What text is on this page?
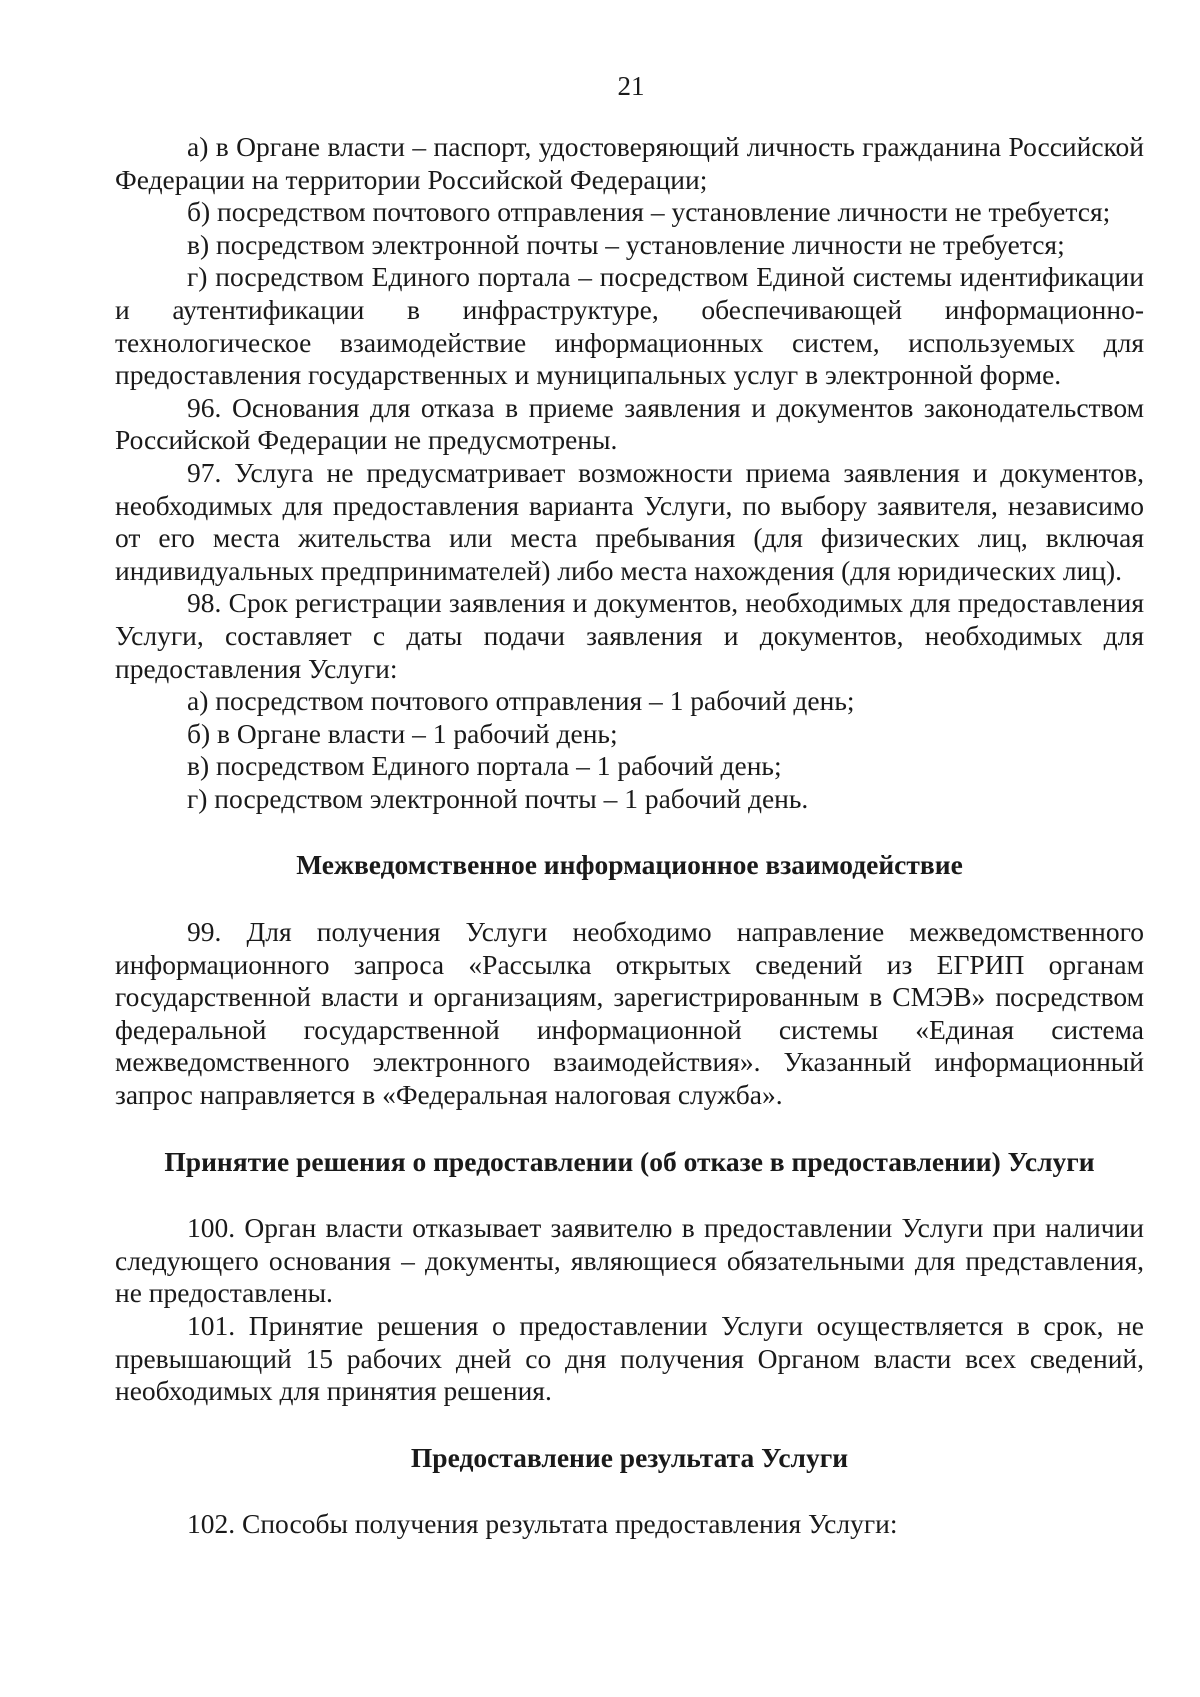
21

а) в Органе власти – паспорт, удостоверяющий личность гражданина Российской Федерации на территории Российской Федерации;

б) посредством почтового отправления – установление личности не требуется;

в) посредством электронной почты – установление личности не требуется;

г) посредством Единого портала – посредством Единой системы идентификации и аутентификации в инфраструктуре, обеспечивающей информационно-технологическое взаимодействие информационных систем, используемых для предоставления государственных и муниципальных услуг в электронной форме.

96. Основания для отказа в приеме заявления и документов законодательством Российской Федерации не предусмотрены.

97. Услуга не предусматривает возможности приема заявления и документов, необходимых для предоставления варианта Услуги, по выбору заявителя, независимо от его места жительства или места пребывания (для физических лиц, включая индивидуальных предпринимателей) либо места нахождения (для юридических лиц).

98. Срок регистрации заявления и документов, необходимых для предоставления Услуги, составляет с даты подачи заявления и документов, необходимых для предоставления Услуги:

а) посредством почтового отправления – 1 рабочий день;

б) в Органе власти – 1 рабочий день;

в) посредством Единого портала – 1 рабочий день;

г) посредством электронной почты – 1 рабочий день.

Межведомственное информационное взаимодействие

99. Для получения Услуги необходимо направление межведомственного информационного запроса «Рассылка открытых сведений из ЕГРИП органам государственной власти и организациям, зарегистрированным в СМЭВ» посредством федеральной государственной информационной системы «Единая система межведомственного электронного взаимодействия». Указанный информационный запрос направляется в «Федеральная налоговая служба».

Принятие решения о предоставлении (об отказе в предоставлении) Услуги

100. Орган власти отказывает заявителю в предоставлении Услуги при наличии следующего основания – документы, являющиеся обязательными для представления, не предоставлены.

101. Принятие решения о предоставлении Услуги осуществляется в срок, не превышающий 15 рабочих дней со дня получения Органом власти всех сведений, необходимых для принятия решения.

Предоставление результата Услуги

102. Способы получения результата предоставления Услуги:
